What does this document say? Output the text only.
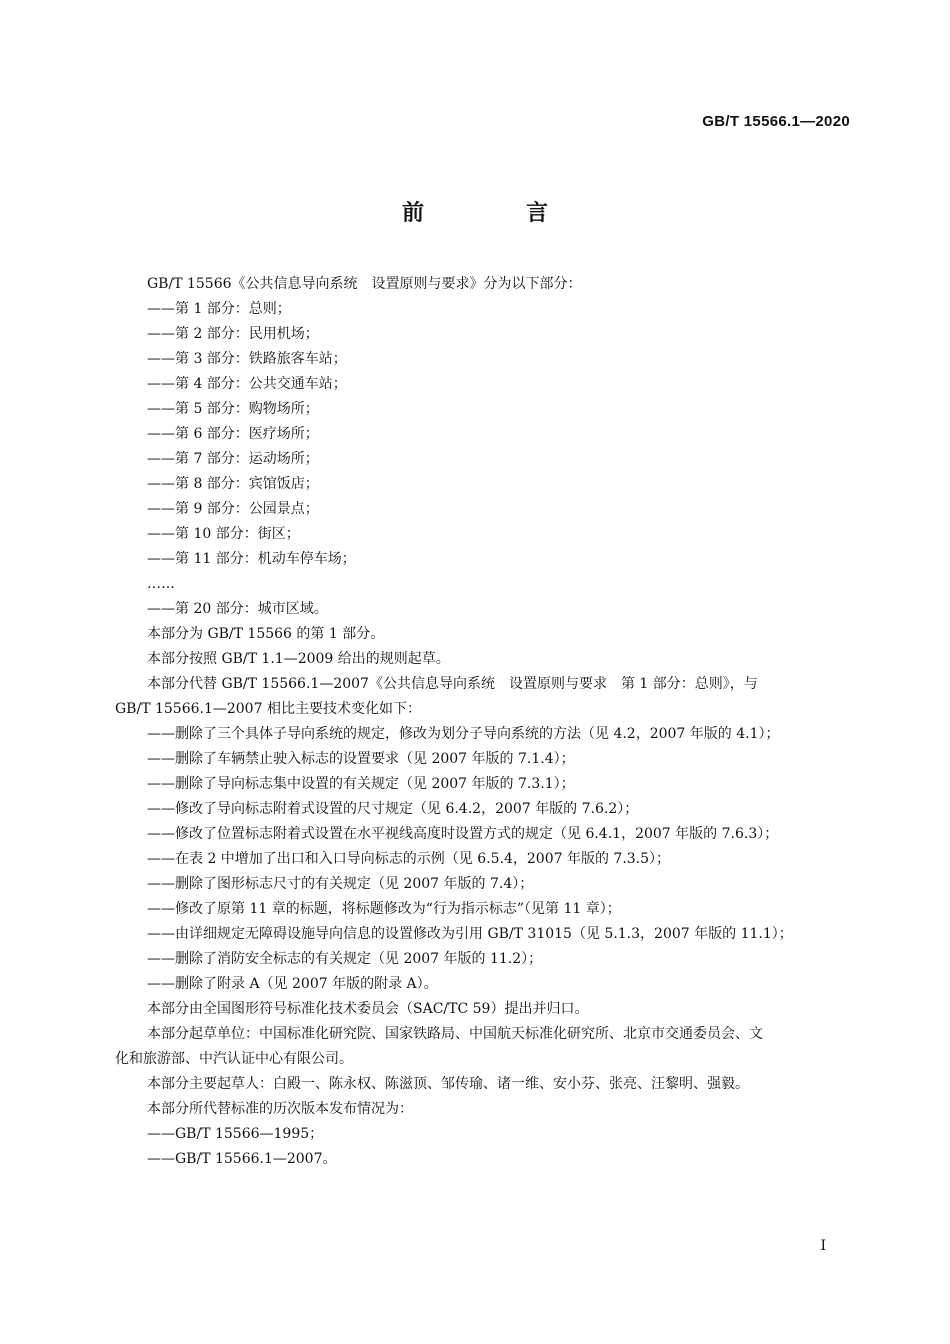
GB/T 15566.1—2020
前　言
GB/T 15566《公共信息导向系统　设置原则与要求》分为以下部分：
——第 1 部分：总则；
——第 2 部分：民用机场；
——第 3 部分：铁路旅客车站；
——第 4 部分：公共交通车站；
——第 5 部分：购物场所；
——第 6 部分：医疗场所；
——第 7 部分：运动场所；
——第 8 部分：宾馆饭店；
——第 9 部分：公园景点；
——第 10 部分：街区；
——第 11 部分：机动车停车场；
……
——第 20 部分：城市区域。
本部分为 GB/T 15566 的第 1 部分。
本部分按照 GB/T 1.1—2009 给出的规则起草。
本部分代替 GB/T 15566.1—2007《公共信息导向系统　设置原则与要求　第 1 部分：总则》，与
GB/T 15566.1—2007 相比主要技术变化如下：
——删除了三个具体子导向系统的规定，修改为划分子导向系统的方法（见 4.2，2007 年版的 4.1）；
——删除了车辆禁止驶入标志的设置要求（见 2007 年版的 7.1.4）；
——删除了导向标志集中设置的有关规定（见 2007 年版的 7.3.1）；
——修改了导向标志附着式设置的尺寸规定（见 6.4.2，2007 年版的 7.6.2）；
——修改了位置标志附着式设置在水平视线高度时设置方式的规定（见 6.4.1，2007 年版的 7.6.3）；
——在表 2 中增加了出口和入口导向标志的示例（见 6.5.4，2007 年版的 7.3.5）；
——删除了图形标志尺寸的有关规定（见 2007 年版的 7.4）；
——修改了原第 11 章的标题，将标题修改为“行为指示标志”（见第 11 章）；
——由详细规定无障碍设施导向信息的设置修改为引用 GB/T 31015（见 5.1.3，2007 年版的 11.1）；
——删除了消防安全标志的有关规定（见 2007 年版的 11.2）；
——删除了附录 A（见 2007 年版的附录 A）。
本部分由全国图形符号标准化技术委员会（SAC/TC 59）提出并归口。
本部分起草单位：中国标准化研究院、国家铁路局、中国航天标准化研究所、北京市交通委员会、文
化和旅游部、中汽认证中心有限公司。
本部分主要起草人：白殿一、陈永权、陈滋顶、邹传瑜、诸一维、安小芬、张亮、汪黎明、强毅。
本部分所代替标准的历次版本发布情况为：
——GB/T 15566—1995；
——GB/T 15566.1—2007。
I
